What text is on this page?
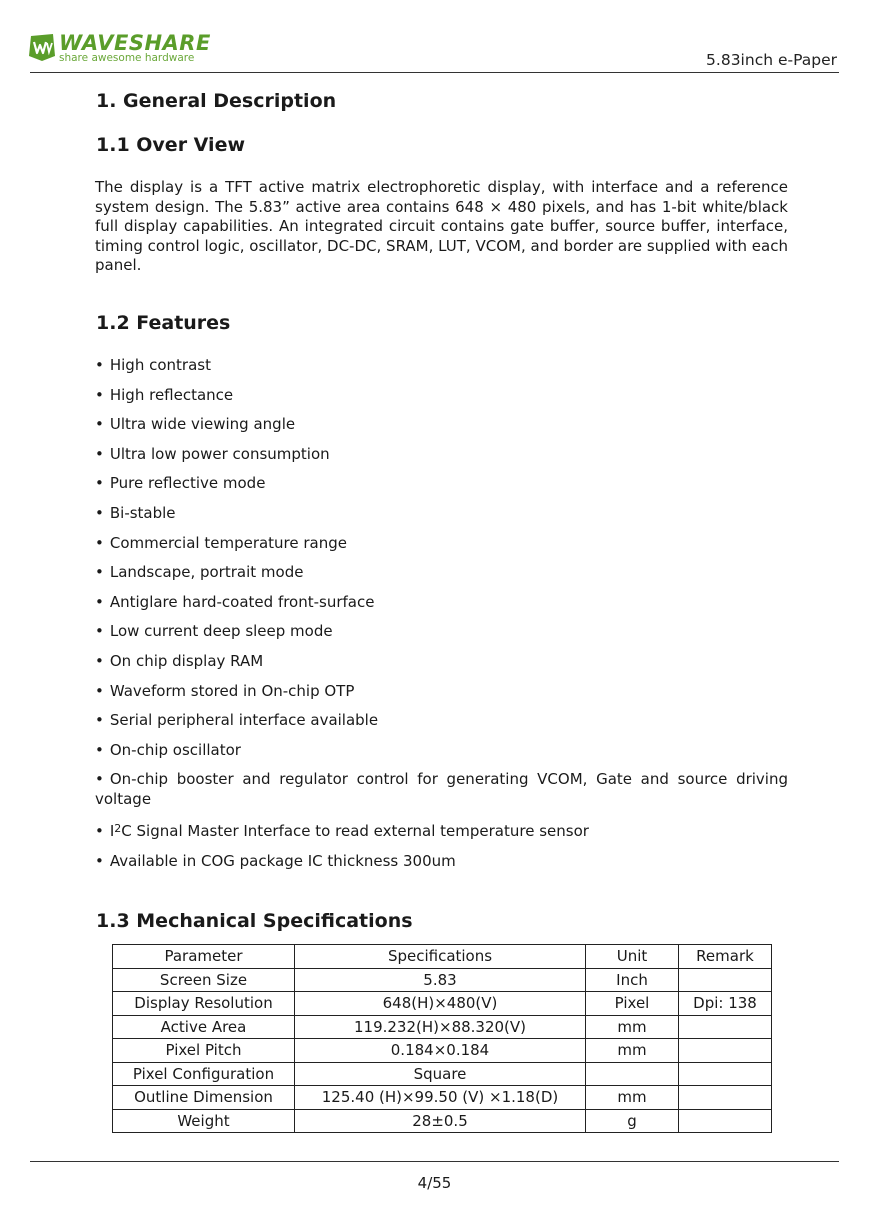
WAVESHARE
share awesome hardware	5.83inch e-Paper
1. General Description
1.1 Over View

The display is a TFT active matrix electrophoretic display, with interface and a reference system design. The 5.83” active area contains 648 × 480 pixels, and has 1-bit white/black full display capabilities. An integrated circuit contains gate buffer, source buffer, interface, timing control logic, oscillator, DC-DC, SRAM, LUT, VCOM, and border are supplied with each panel.

1.2 Features
• High contrast
• High reflectance
• Ultra wide viewing angle
• Ultra low power consumption
• Pure reflective mode
• Bi-stable
• Commercial temperature range
• Landscape, portrait mode
• Antiglare hard-coated front-surface
• Low current deep sleep mode
• On chip display RAM
• Waveform stored in On-chip OTP
• Serial peripheral interface available
• On-chip oscillator
• On-chip booster and regulator control for generating VCOM, Gate and source driving voltage
• $I^2C$ Signal Master Interface to read external temperature sensor
• Available in COG package IC thickness 300um
1.3 Mechanical Specifications
Parameter	Specifications	Unit	Remark
Screen Size	5.83	Inch	
Display Resolution	648(H)×480(V)	Pixel	Dpi: 138
Active Area	119.232(H)×88.320(V)	mm	
Pixel Pitch	0.184×0.184	mm	
Pixel Configuration	Square		
Outline Dimension	125.40 (H)×99.50 (V) ×1.18(D)	mm	
Weight	28±0.5	g	
4/55
